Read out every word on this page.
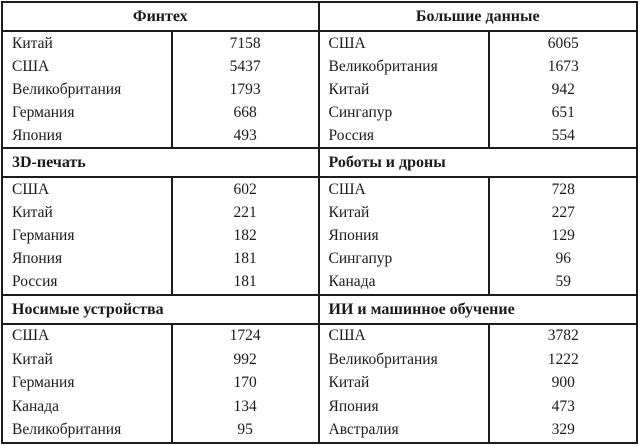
Финтех
Китай	7158
США	5437
Великобритания	1793
Германия	668
Япония	493
Большие данные
США	6065
Великобритания	1673
Китай	942
Сингапур	651
Россия	554
3D-печать
США	602
Китай	221
Германия	182
Япония	181
Россия	181
Роботы и дроны
США	728
Китай	227
Япония	129
Сингапур	96
Канада	59
Носимые устройства
США	1724
Китай	992
Германия	170
Канада	134
Великобритания	95
ИИ и машинное обучение
США	3782
Великобритания	1222
Китай	900
Япония	473
Австралия	329
